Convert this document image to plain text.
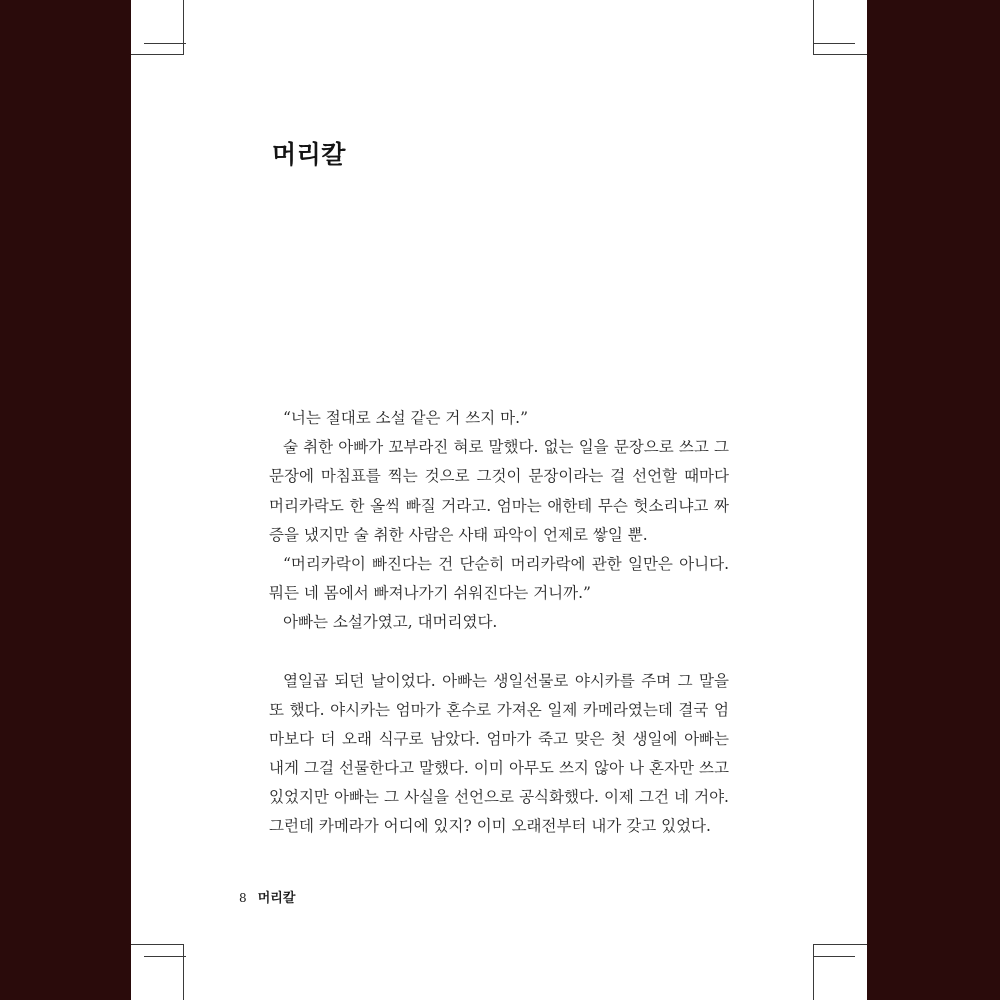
머리칼
“너는 절대로 소설 같은 거 쓰지 마.”
술 취한 아빠가 꼬부라진 혀로 말했다. 없는 일을 문장으로 쓰고 그
문장에 마침표를 찍는 것으로 그것이 문장이라는 걸 선언할 때마다
머리카락도 한 올씩 빠질 거라고. 엄마는 애한테 무슨 헛소리냐고 짜
증을 냈지만 술 취한 사람은 사태 파악이 언제로 쌓일 뿐.
“머리카락이 빠진다는 건 단순히 머리카락에 관한 일만은 아니다.
뭐든 네 몸에서 빠져나가기 쉬워진다는 거니까.”
아빠는 소설가였고, 대머리였다.
열일곱 되던 날이었다. 아빠는 생일선물로 야시카를 주며 그 말을
또 했다. 야시카는 엄마가 혼수로 가져온 일제 카메라였는데 결국 엄
마보다 더 오래 식구로 남았다. 엄마가 죽고 맞은 첫 생일에 아빠는
내게 그걸 선물한다고 말했다. 이미 아무도 쓰지 않아 나 혼자만 쓰고
있었지만 아빠는 그 사실을 선언으로 공식화했다. 이제 그건 네 거야.
그런데 카메라가 어디에 있지? 이미 오래전부터 내가 갖고 있었다.
8 머리칼
